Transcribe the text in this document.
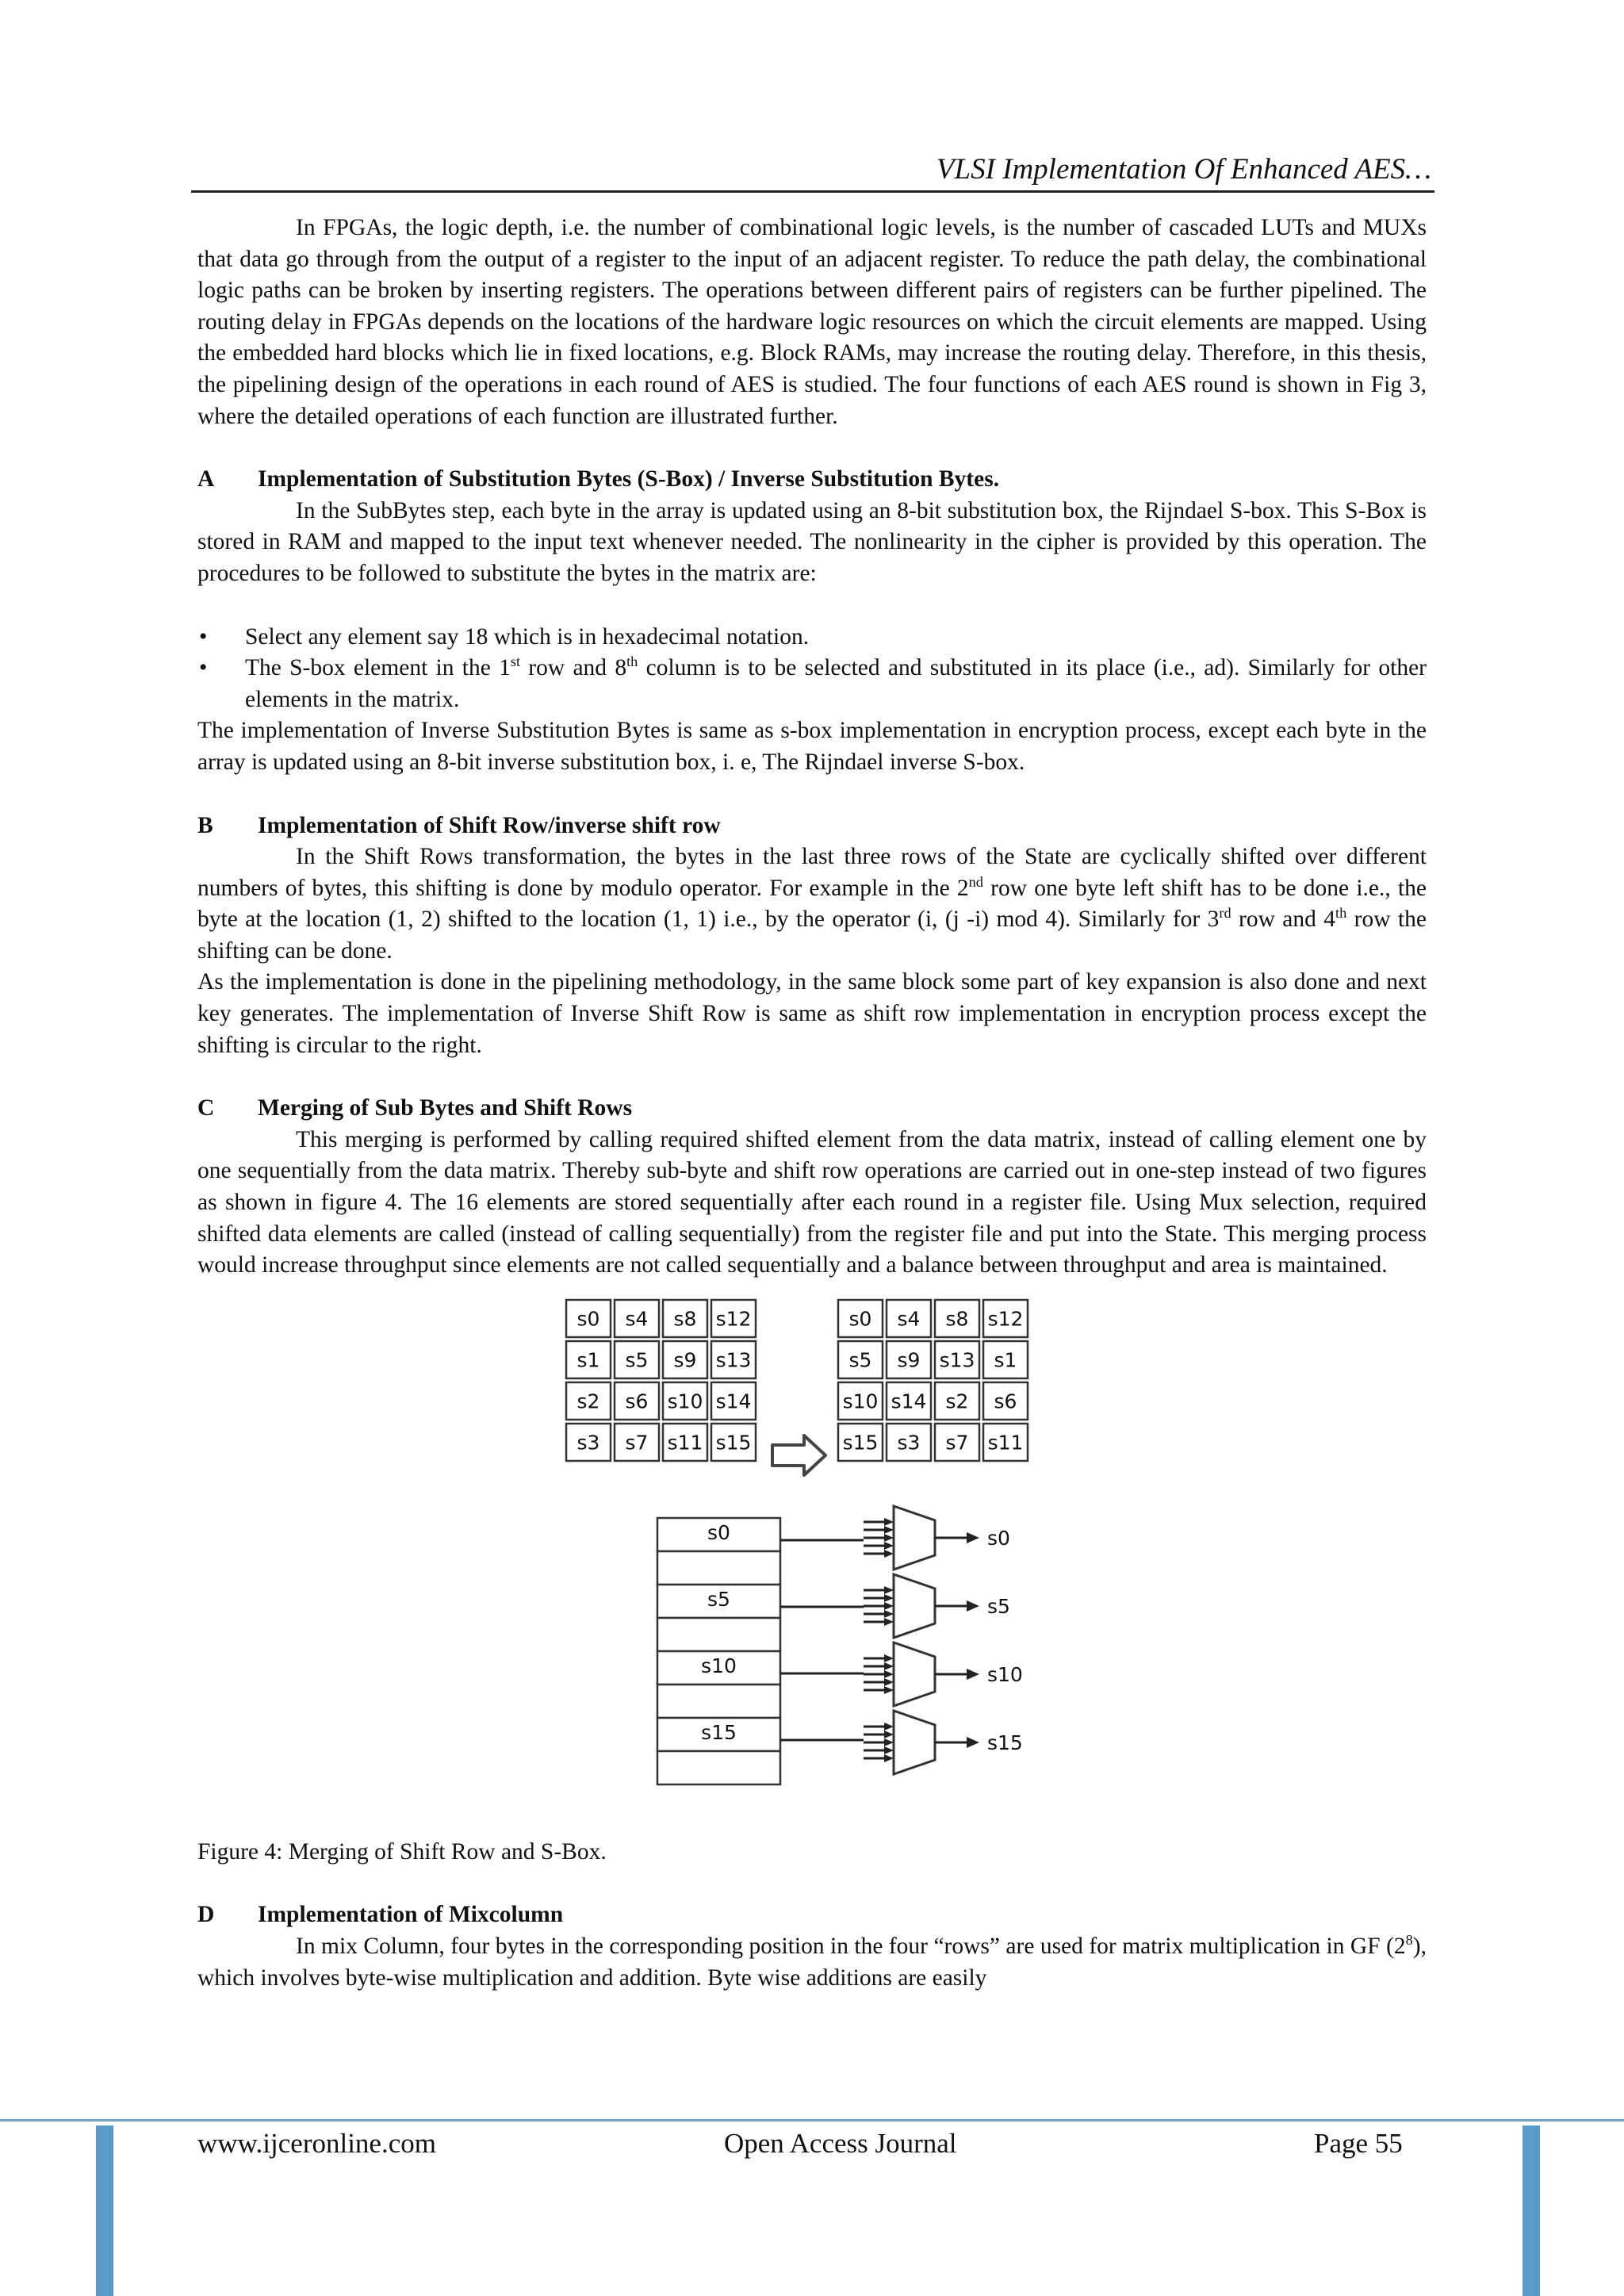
VLSI Implementation Of Enhanced AES…

In FPGAs, the logic depth, i.e. the number of combinational logic levels, is the number of cascaded LUTs and MUXs that data go through from the output of a register to the input of an adjacent register. To reduce the path delay, the combinational logic paths can be broken by inserting registers. The operations between different pairs of registers can be further pipelined. The routing delay in FPGAs depends on the locations of the hardware logic resources on which the circuit elements are mapped. Using the embedded hard blocks which lie in fixed locations, e.g. Block RAMs, may increase the routing delay. Therefore, in this thesis, the pipelining design of the operations in each round of AES is studied. The four functions of each AES round is shown in Fig 3, where the detailed operations of each function are illustrated further.

A Implementation of Substitution Bytes (S-Box) / Inverse Substitution Bytes.

In the SubBytes step, each byte in the array is updated using an 8-bit substitution box, the Rijndael S-box. This S-Box is stored in RAM and mapped to the input text whenever needed. The nonlinearity in the cipher is provided by this operation. The procedures to be followed to substitute the bytes in the matrix are:

• Select any element say 18 which is in hexadecimal notation.
• The S-box element in the 1st row and 8th column is to be selected and substituted in its place (i.e., ad). Similarly for other elements in the matrix.

The implementation of Inverse Substitution Bytes is same as s-box implementation in encryption process, except each byte in the array is updated using an 8-bit inverse substitution box, i. e, The Rijndael inverse S-box.

B Implementation of Shift Row/inverse shift row

In the Shift Rows transformation, the bytes in the last three rows of the State are cyclically shifted over different numbers of bytes, this shifting is done by modulo operator. For example in the 2nd row one byte left shift has to be done i.e., the byte at the location (1, 2) shifted to the location (1, 1) i.e., by the operator (i, (j -i) mod 4). Similarly for 3rd row and 4th row the shifting can be done.

As the implementation is done in the pipelining methodology, in the same block some part of key expansion is also done and next key generates. The implementation of Inverse Shift Row is same as shift row implementation in encryption process except the shifting is circular to the right.

C Merging of Sub Bytes and Shift Rows

This merging is performed by calling required shifted element from the data matrix, instead of calling element one by one sequentially from the data matrix. Thereby sub-byte and shift row operations are carried out in one-step instead of two figures as shown in figure 4. The 16 elements are stored sequentially after each round in a register file. Using Mux selection, required shifted data elements are called (instead of calling sequentially) from the register file and put into the State. This merging process would increase throughput since elements are not called sequentially and a balance between throughput and area is maintained.

s0 s4 s8 s12
s1 s5 s9 s13
s2 s6 s10 s14
s3 s7 s11 s15
s0 s4 s8 s12
s5 s9 s13 s1
s10 s14 s2 s6
s15 s3 s7 s11
s0
s5
s10
s15
s0
s5
s10
s15

Figure 4: Merging of Shift Row and S-Box.

D Implementation of Mixcolumn

In mix Column, four bytes in the corresponding position in the four “rows” are used for matrix multiplication in GF $(2^8)$, which involves byte-wise multiplication and addition. Byte wise additions are easily

www.ijceronline.com	Open Access Journal	Page 55
